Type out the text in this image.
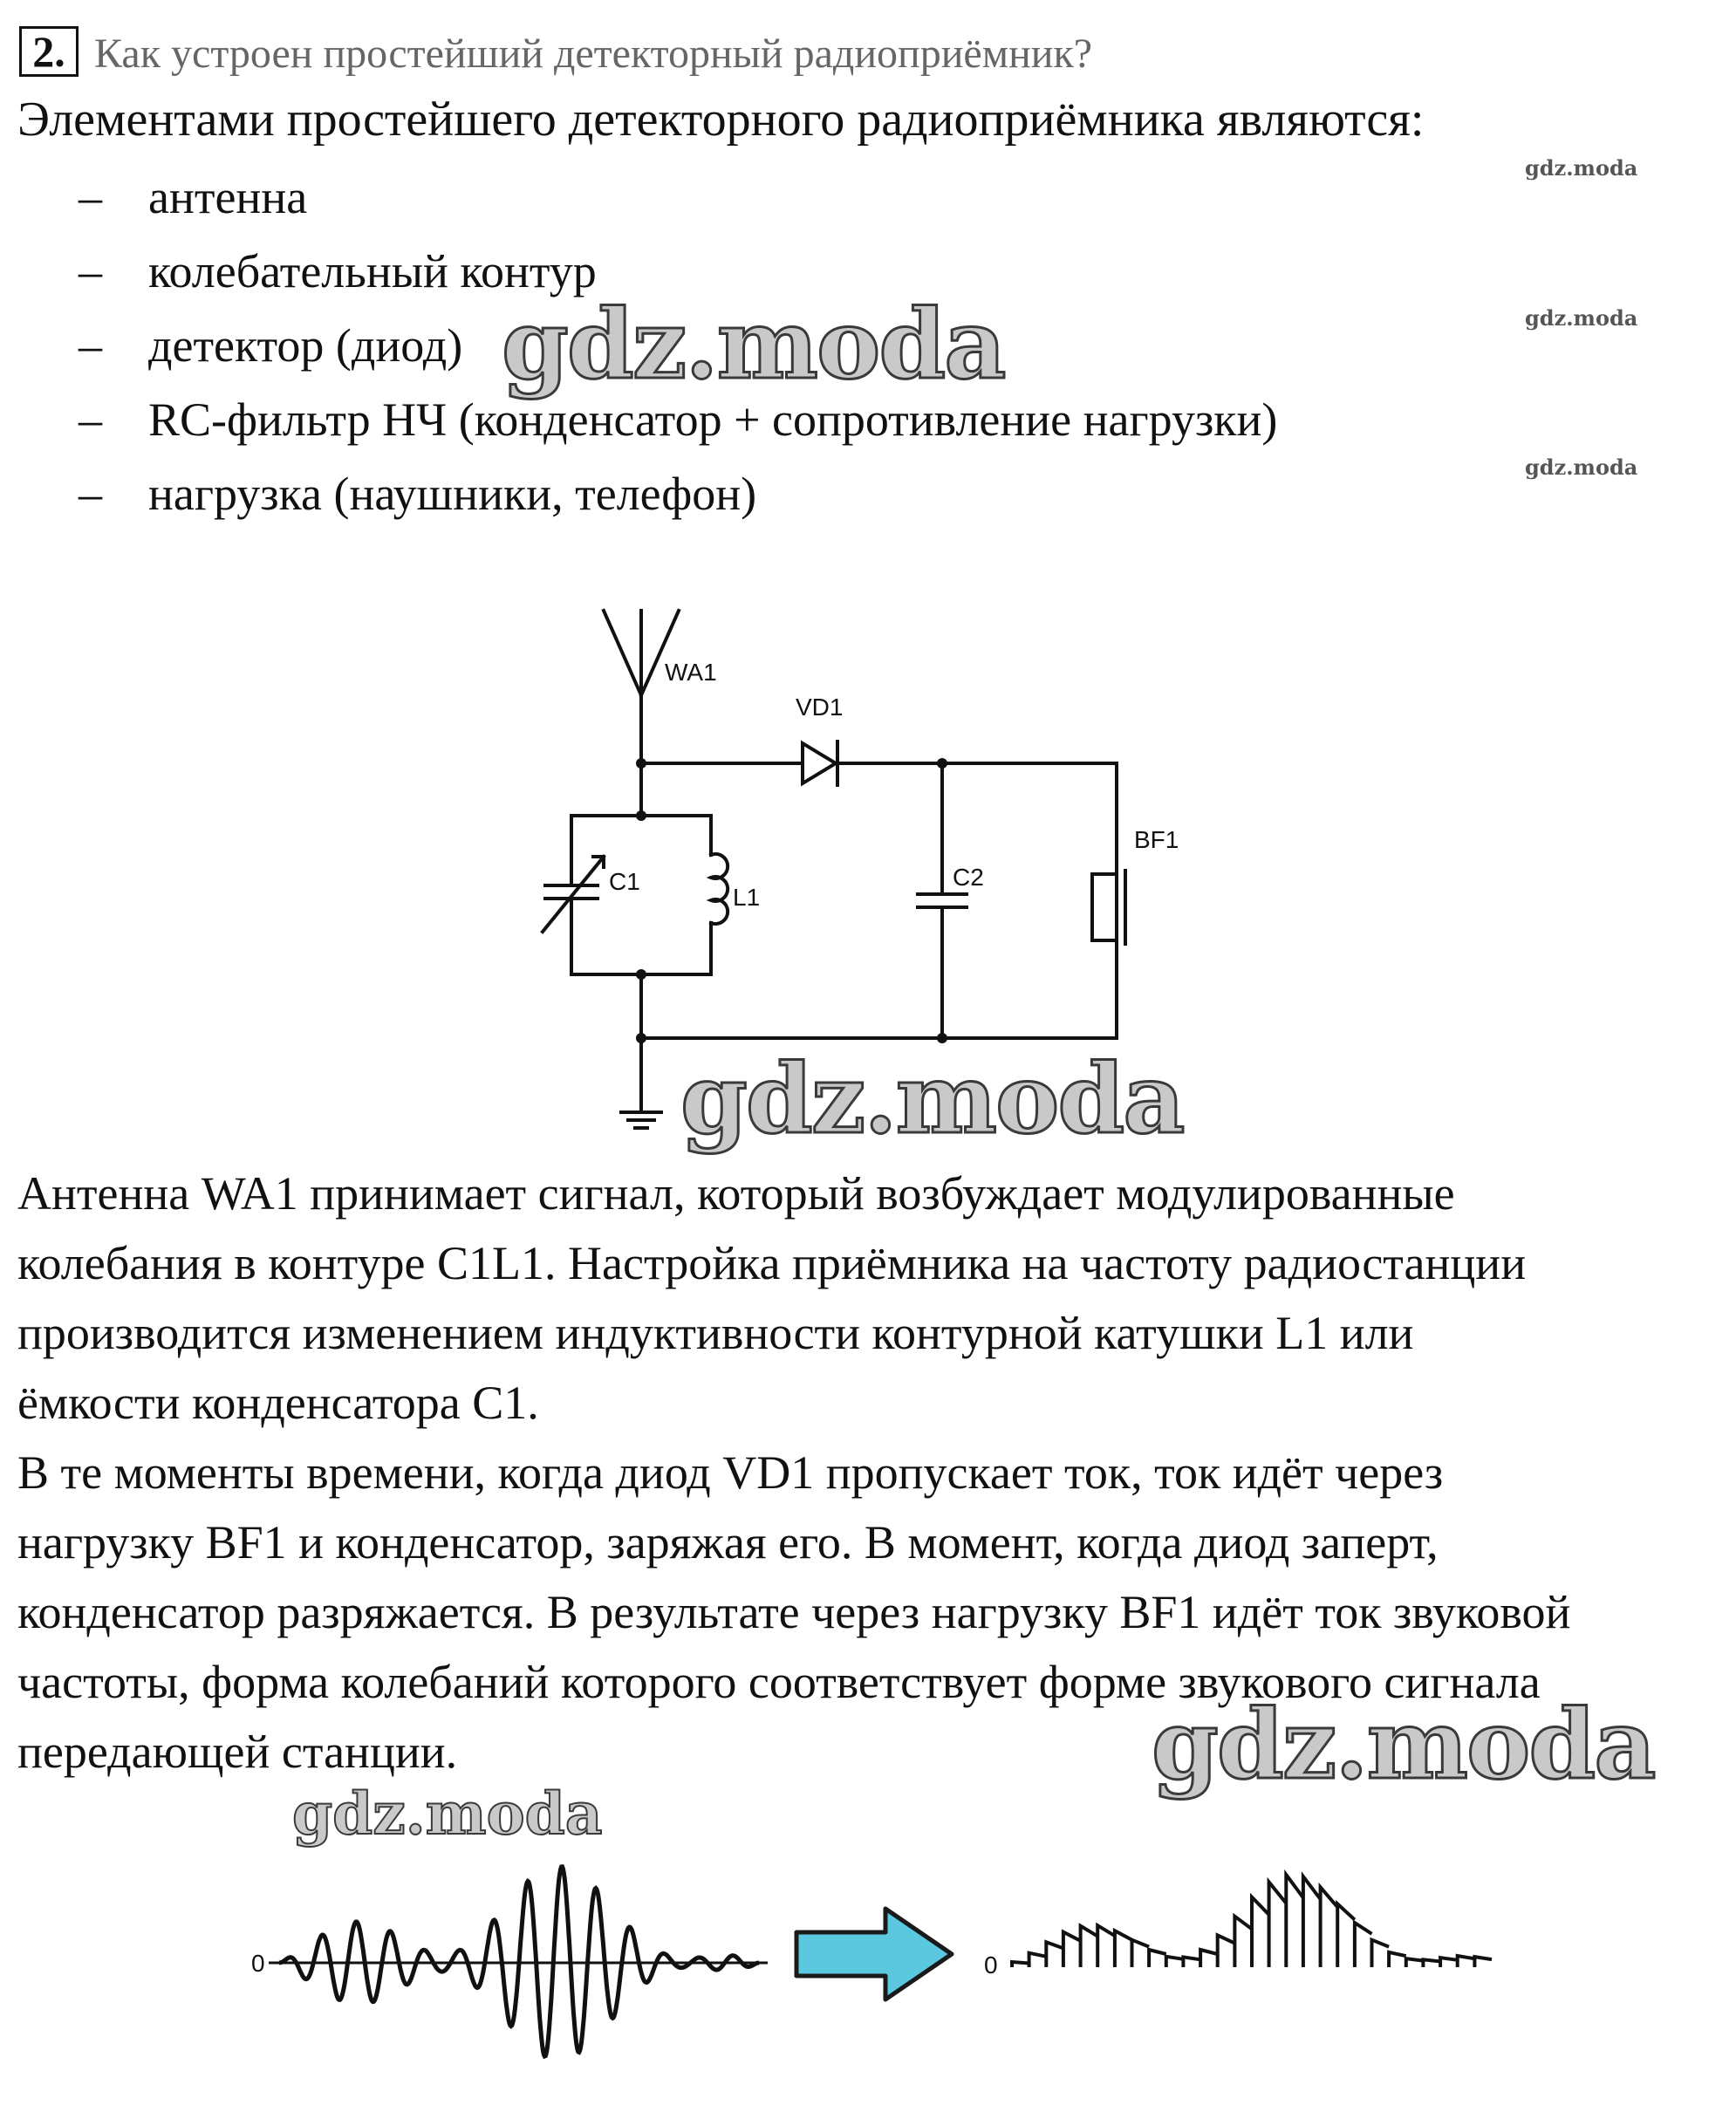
2. Как устроен простейший детекторный радиоприёмник?
Элементами простейшего детекторного радиоприёмника являются:
– антенна
– колебательный контур
– детектор (диод)
– RC-фильтр НЧ (конденсатор + сопротивление нагрузки)
– нагрузка (наушники, телефон)
gdz.moda
gdz.moda
gdz.moda
WA1
VD1
BF1
C1
L1
C2
gdz.moda
gdz.moda
gdz.moda
gdz.moda
Антенна WA1 принимает сигнал, который возбуждает модулированные
колебания в контуре C1L1. Настройка приёмника на частоту радиостанции
производится изменением индуктивности контурной катушки L1 или
ёмкости конденсатора C1.
В те моменты времени, когда диод VD1 пропускает ток, ток идёт через
нагрузку BF1 и конденсатор, заряжая его. В момент, когда диод заперт,
конденсатор разряжается. В результате через нагрузку BF1 идёт ток звуковой
частоты, форма колебаний которого соответствует форме звукового сигнала
передающей станции.
0	0
